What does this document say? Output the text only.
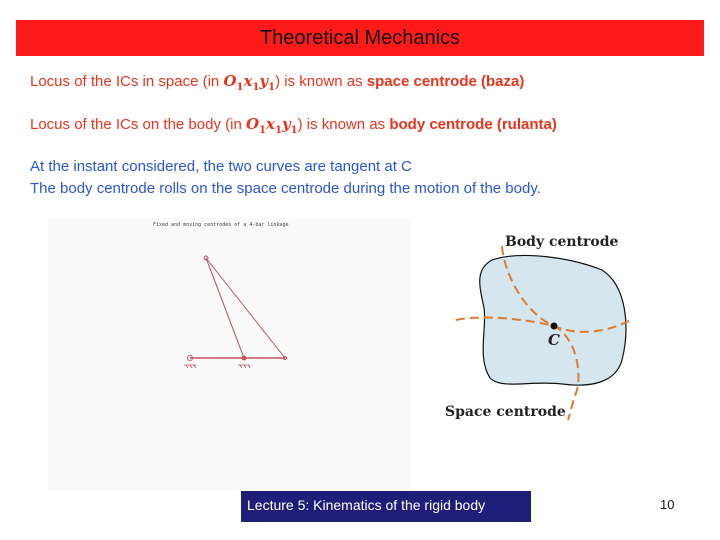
Theoretical Mechanics
Locus of the ICs in space (in $O_1x_1y_1$) is known as space centrode (baza)
Locus of the ICs on the body (in $O_1x_1y_1$) is known as body centrode (rulanta)
At the instant considered, the two curves are tangent at C
The body centrode rolls on the space centrode during the motion of the body.
Fixed and moving centrodes of a 4-bar linkage
Body centrode
C
Space centrode
Lecture 5: Kinematics of the rigid body	10
